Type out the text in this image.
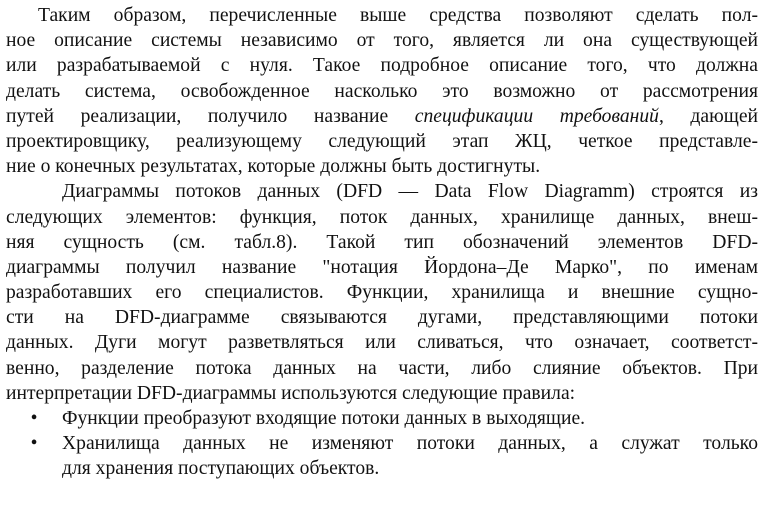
Таким образом, перечисленные выше средства позволяют сделать пол-
ное описание системы независимо от того, является ли она существующей
или разрабатываемой с нуля. Такое подробное описание того, что должна
делать система, освобожденное насколько это возможно от рассмотрения
путей реализации, получило название спецификации требований, дающей
проектировщику, реализующему следующий этап ЖЦ, четкое представле-
ние о конечных результатах, которые должны быть достигнуты.
Диаграммы потоков данных (DFD — Data Flow Diagramm) строятся из
следующих элементов: функция, поток данных, хранилище данных, внеш-
няя сущность (см. табл.8). Такой тип обозначений элементов DFD-
диаграммы получил название "нотация Йордона–Де Марко", по именам
разработавших его специалистов. Функции, хранилища и внешние сущно-
сти на DFD-диаграмме связываются дугами, представляющими потоки
данных. Дуги могут разветвляться или сливаться, что означает, соответст-
венно, разделение потока данных на части, либо слияние объектов. При
интерпретации DFD-диаграммы используются следующие правила:
• Функции преобразуют входящие потоки данных в выходящие.
• Хранилища данных не изменяют потоки данных, а служат только
для хранения поступающих объектов.
